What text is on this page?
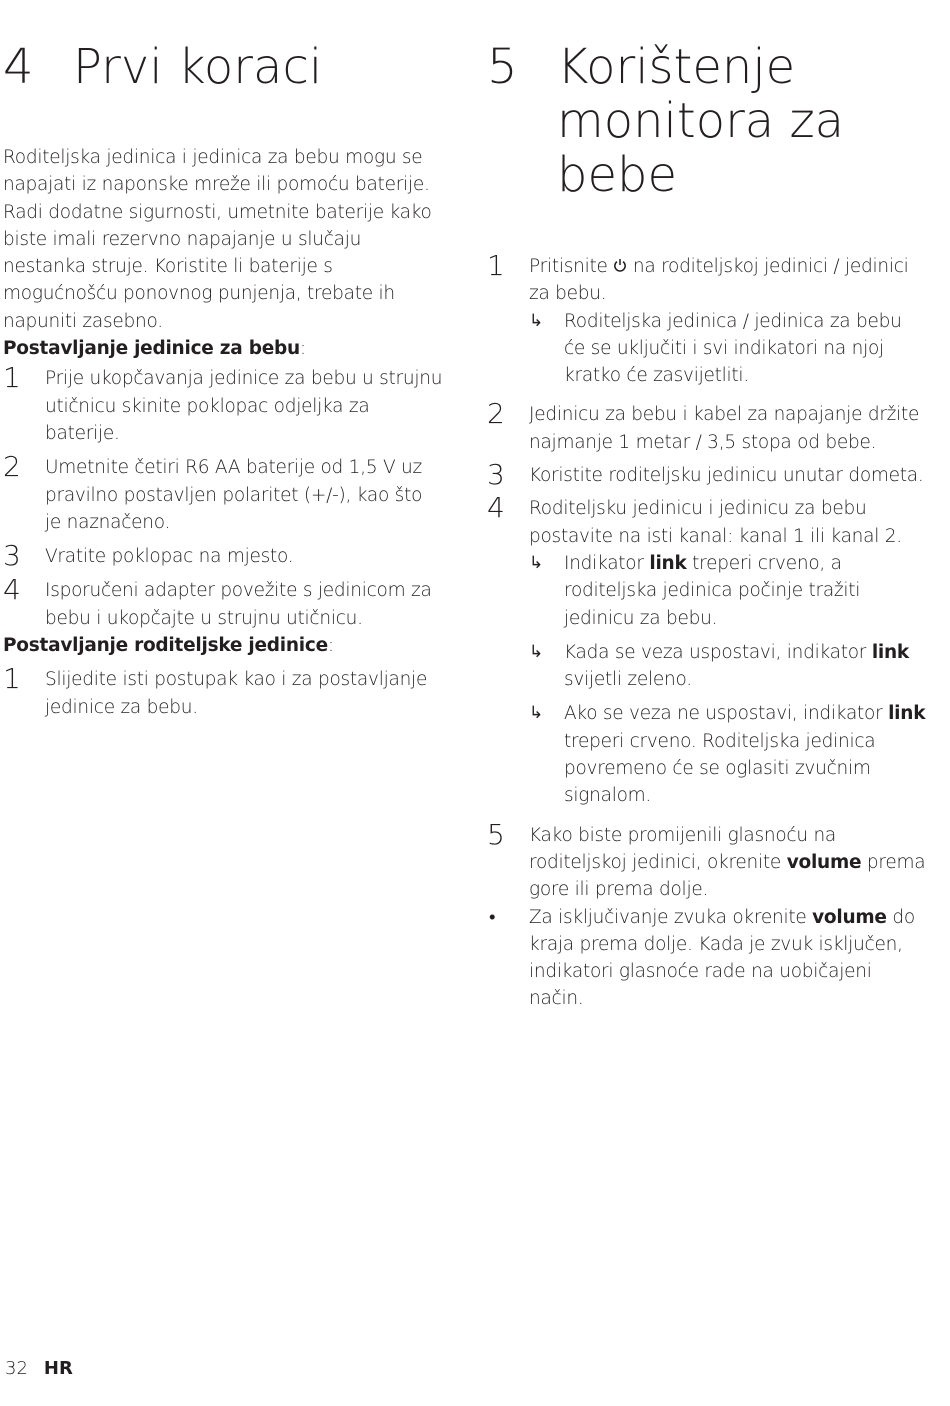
4 Prvi koraci

Roditeljska jedinica i jedinica za bebu mogu se napajati iz naponske mreže ili pomoću baterije. Radi dodatne sigurnosti, umetnite baterije kako biste imali rezervno napajanje u slučaju nestanka struje. Koristite li baterije s mogućnošću ponovnog punjenja, trebate ih napuniti zasebno.

Postavljanje jedinice za bebu:

1 Prije ukopčavanja jedinice za bebu u strujnu utičnicu skinite poklopac odjeljka za baterije.
2 Umetnite četiri R6 AA baterije od 1,5 V uz pravilno postavljen polaritet (+/-), kao što je naznačeno.
3 Vratite poklopac na mjesto.
4 Isporučeni adapter povežite s jedinicom za bebu i ukopčajte u strujnu utičnicu.

Postavljanje roditeljske jedinice:

1 Slijedite isti postupak kao i za postavljanje jedinice za bebu.
5 Korištenje
monitora za
bebe
1 Pritisnite  na roditeljskoj jedinici / jedinici za bebu.
↳ Roditeljska jedinica / jedinica za bebu će se uključiti i svi indikatori na njoj kratko će zasvijetliti.
2 Jedinicu za bebu i kabel za napajanje držite najmanje 1 metar / 3,5 stopa od bebe.
3 Koristite roditeljsku jedinicu unutar dometa.
4 Roditeljsku jedinicu i jedinicu za bebu postavite na isti kanal: kanal 1 ili kanal 2.
↳ Indikator link treperi crveno, a roditeljska jedinica počinje tražiti jedinicu za bebu.
↳ Kada se veza uspostavi, indikator link svijetli zeleno.
↳ Ako se veza ne uspostavi, indikator link treperi crveno. Roditeljska jedinica povremeno će se oglasiti zvučnim signalom.
5 Kako biste promijenili glasnoću na roditeljskoj jedinici, okrenite volume prema gore ili prema dolje.
• Za isključivanje zvuka okrenite volume do kraja prema dolje. Kada je zvuk isključen, indikatori glasnoće rade na uobičajeni način.
32 HR
